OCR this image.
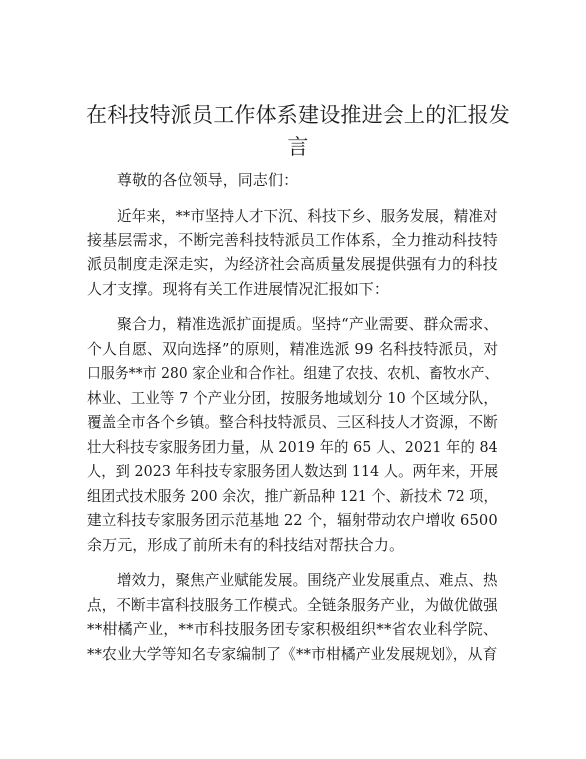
在科技特派员工作体系建设推进会上的汇报发
言
尊敬的各位领导，同志们：
近年来，**市坚持人才下沉、科技下乡、服务发展，精准对
接基层需求，不断完善科技特派员工作体系，全力推动科技特
派员制度走深走实，为经济社会高质量发展提供强有力的科技
人才支撑。现将有关工作进展情况汇报如下：
聚合力，精准选派扩面提质。坚持“产业需要、群众需求、
个人自愿、双向选择”的原则，精准选派 99 名科技特派员，对
口服务**市 280 家企业和合作社。组建了农技、农机、畜牧水产、
林业、工业等 7 个产业分团，按服务地域划分 10 个区域分队，
覆盖全市各个乡镇。整合科技特派员、三区科技人才资源，不断
壮大科技专家服务团力量，从 2019 年的 65 人、2021 年的 84
人，到 2023 年科技专家服务团人数达到 114 人。两年来，开展
组团式技术服务 200 余次，推广新品种 121 个、新技术 72 项，
建立科技专家服务团示范基地 22 个，辐射带动农户增收 6500
余万元，形成了前所未有的科技结对帮扶合力。
增效力，聚焦产业赋能发展。围绕产业发展重点、难点、热
点，不断丰富科技服务工作模式。全链条服务产业，为做优做强
**柑橘产业，**市科技服务团专家积极组织**省农业科学院、
**农业大学等知名专家编制了《**市柑橘产业发展规划》，从育
